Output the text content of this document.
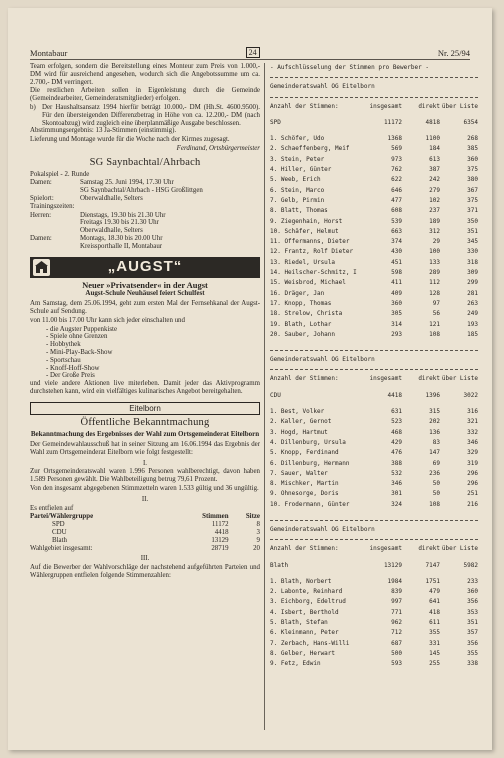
Montabaur	24	Nr. 25/94

Team erfolgen, sondern die Bereitstellung eines Monteur zum Preis von 1.000,- DM wird für ausreichend angesehen, wodurch sich die Angebotssumme um ca. 2.700,- DM verringert.

Die restlichen Arbeiten sollen in Eigenleistung durch die Gemeinde (Gemeindearbeiter, Gemeinderatsmitglieder) erfolgen.

b) Der Haushaltsansatz 1994 hierfür beträgt 10.000,- DM (Hh.St. 4600.9500). Für den übersteigenden Differenzbetrag in Höhe von ca. 12.200,- DM (nach Skontoabzug) wird zugleich eine überplanmäßige Ausgabe beschlossen.

Abstimmungsergebnis: 13 Ja-Stimmen (einstimmig).

Lieferung und Montage wurde für die Woche nach der Kirmes zugesagt.

Ferdinand, Ortsbürgermeister

SG Saynbachtal/Ahrbach

Pokalspiel - 2. Runde

Damen:	Samstag 25. Juni 1994, 17.30 Uhr
SG Saynbachtal/Ahrbach - HSG Großlittgen
Spielort:	Oberwaldhalle, Selters

Trainingszeiten:

Herren:	Dienstags, 19.30 bis 21.30 Uhr
Freitags 19.30 bis 21.30 Uhr
Oberwaldhalle, Selters
Damen:	Montags, 18.30 bis 20.00 Uhr
Kreissporthalle II, Montabaur
„AUGST“
Neuer »Privatsender« in der Augst
Augst-Schule Neuhäusel feiert Schulfest

Am Samstag, dem 25.06.1994, geht zum ersten Mal der Fernsehkanal der Augst-Schule auf Sendung.

von 11.00 bis 17.00 Uhr kann sich jeder einschalten und

- die Augster Puppenkiste
- Spiele ohne Grenzen
- Hobbythek
- Mini-Play-Back-Show
- Sportschau
- Knoff-Hoff-Show
- Der Große Preis

und viele andere Aktionen live miterleben. Damit jeder das Aktivprogramm durchstehen kann, wird ein vielfältiges kulinarisches Angebot bereitgehalten.

Eitelborn
Öffentliche Bekanntmachung
Bekanntmachung des Ergebnisses der Wahl zum Ortsgemeinderat Eitelborn

Der Gemeindewahlausschuß hat in seiner Sitzung am 16.06.1994 das Ergebnis der Wahl zum Ortsgemeinderat Eitelborn wie folgt festgestellt:

I.

Zur Ortsgemeinderatswahl waren 1.996 Personen wahlberechtigt, davon haben 1.589 Personen gewählt. Die Wahlbeteiligung betrug 79,61 Prozent.

Von den insgesamt abgegebenen Stimmzetteln waren 1.533 gültig und 36 ungültig.

II.

Es entfielen auf

Partei/Wählergruppe	Stimmen	Sitze
SPD	11172	8
CDU	4418	3
Blath	13129	9
Wahlgebiet insgesamt:	28719	20
III.

Auf die Bewerber der Wahlvorschläge der nachstehend aufgeführten Parteien und Wählergruppen entfielen folgende Stimmenzahlen:

- Aufschlüsselung der Stimmen pro Bewerber -
Gemeinderatswahl OG Eitelborn
Anzahl der Stimmen:	insgesamt	direkt über Liste
SPD	11172	4818	6354
1. Schöfer, Udo	1368	1100	268
2. Schaeffenberg, Meif	569	184	385
3. Stein, Peter	973	613	360
4. Hiller, Günter	762	387	375
5. Weeb, Erich	622	242	380
6. Stein, Marco	646	279	367
7. Gelb, Pirmin	477	102	375
8. Blatt, Thomas	608	237	371
9. Ziegenhain, Horst	539	189	350
10. Schäfer, Helmut	663	312	351
11. Offermanns, Dieter	374	29	345
12. Frantz, Rolf Dieter	430	100	330
13. Riedel, Ursula	451	133	318
14. Heilscher-Schmitz, I	598	289	309
15. Weisbrod, Michael	411	112	299
16. Dräger, Jan	409	128	281
17. Knopp, Thomas	360	97	263
18. Strelow, Christa	305	56	249
19. Blath, Lothar	314	121	193
20. Sauber, Johann	293	108	185
Gemeinderatswahl OG Eitelborn
Anzahl der Stimmen:	insgesamt	direkt über Liste
CDU	4418	1396	3022
1. Best, Volker	631	315	316
2. Kaller, Gernot	523	202	321
3. Hogd, Hartmut	468	136	332
4. Dillenburg, Ursula	429	83	346
5. Knopp, Ferdinand	476	147	329
6. Dillenburg, Hermann	388	69	319
7. Sauer, Walter	532	236	296
8. Mischker, Martin	346	50	296
9. Ohnesorge, Doris	301	50	251
10. Frodermann, Günter	324	108	216
Gemeinderatswahl OG Eitelborn
Anzahl der Stimmen:	insgesamt	direkt über Liste
Blath	13129	7147	5982
1. Blath, Norbert	1984	1751	233
2. Labonte, Reinhard	839	479	360
3. Eichborg, Edeltrud	997	641	356
4. Isbert, Berthold	771	418	353
5. Blath, Stefan	962	611	351
6. Kleinmann, Peter	712	355	357
7. Zerbach, Hans-Willi	687	331	356
8. Gelber, Herwart	500	145	355
9. Fetz, Edwin	593	255	338
